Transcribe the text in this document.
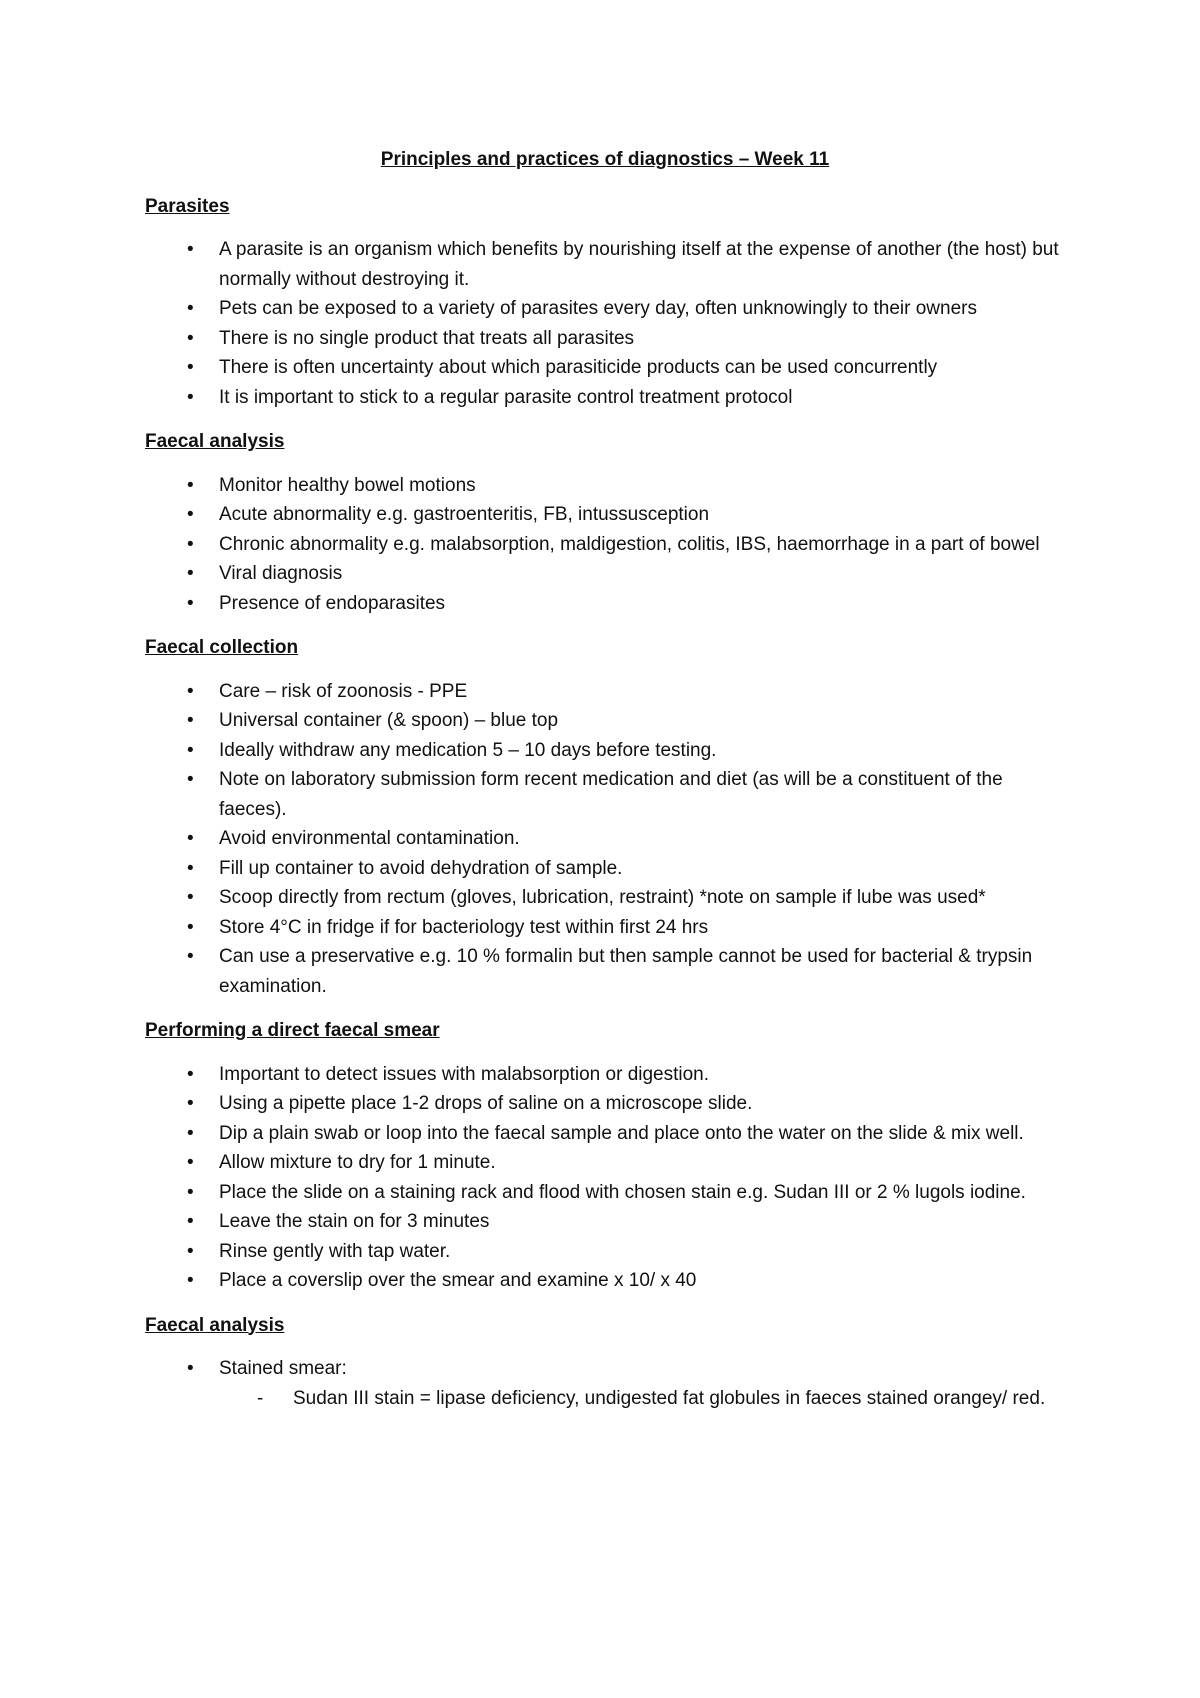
Principles and practices of diagnostics – Week 11
Parasites
• A parasite is an organism which benefits by nourishing itself at the expense of another (the host) but normally without destroying it.
• Pets can be exposed to a variety of parasites every day, often unknowingly to their owners
• There is no single product that treats all parasites
• There is often uncertainty about which parasiticide products can be used concurrently
• It is important to stick to a regular parasite control treatment protocol
Faecal analysis
• Monitor healthy bowel motions
• Acute abnormality e.g. gastroenteritis, FB, intussusception
• Chronic abnormality e.g. malabsorption, maldigestion, colitis, IBS, haemorrhage in a part of bowel
• Viral diagnosis
• Presence of endoparasites
Faecal collection
• Care – risk of zoonosis - PPE
• Universal container (& spoon) – blue top
• Ideally withdraw any medication 5 – 10 days before testing.
• Note on laboratory submission form recent medication and diet (as will be a constituent of the faeces).
• Avoid environmental contamination.
• Fill up container to avoid dehydration of sample.
• Scoop directly from rectum (gloves, lubrication, restraint) *note on sample if lube was used*
• Store 4°C in fridge if for bacteriology test within first 24 hrs
• Can use a preservative e.g. 10 % formalin but then sample cannot be used for bacterial & trypsin examination.
Performing a direct faecal smear
• Important to detect issues with malabsorption or digestion.
• Using a pipette place 1-2 drops of saline on a microscope slide.
• Dip a plain swab or loop into the faecal sample and place onto the water on the slide & mix well.
• Allow mixture to dry for 1 minute.
• Place the slide on a staining rack and flood with chosen stain e.g. Sudan III or 2 % lugols iodine.
• Leave the stain on for 3 minutes
• Rinse gently with tap water.
• Place a coverslip over the smear and examine x 10/ x 40
Faecal analysis
• Stained smear:
- Sudan III stain = lipase deficiency, undigested fat globules in faeces stained orangey/ red.
